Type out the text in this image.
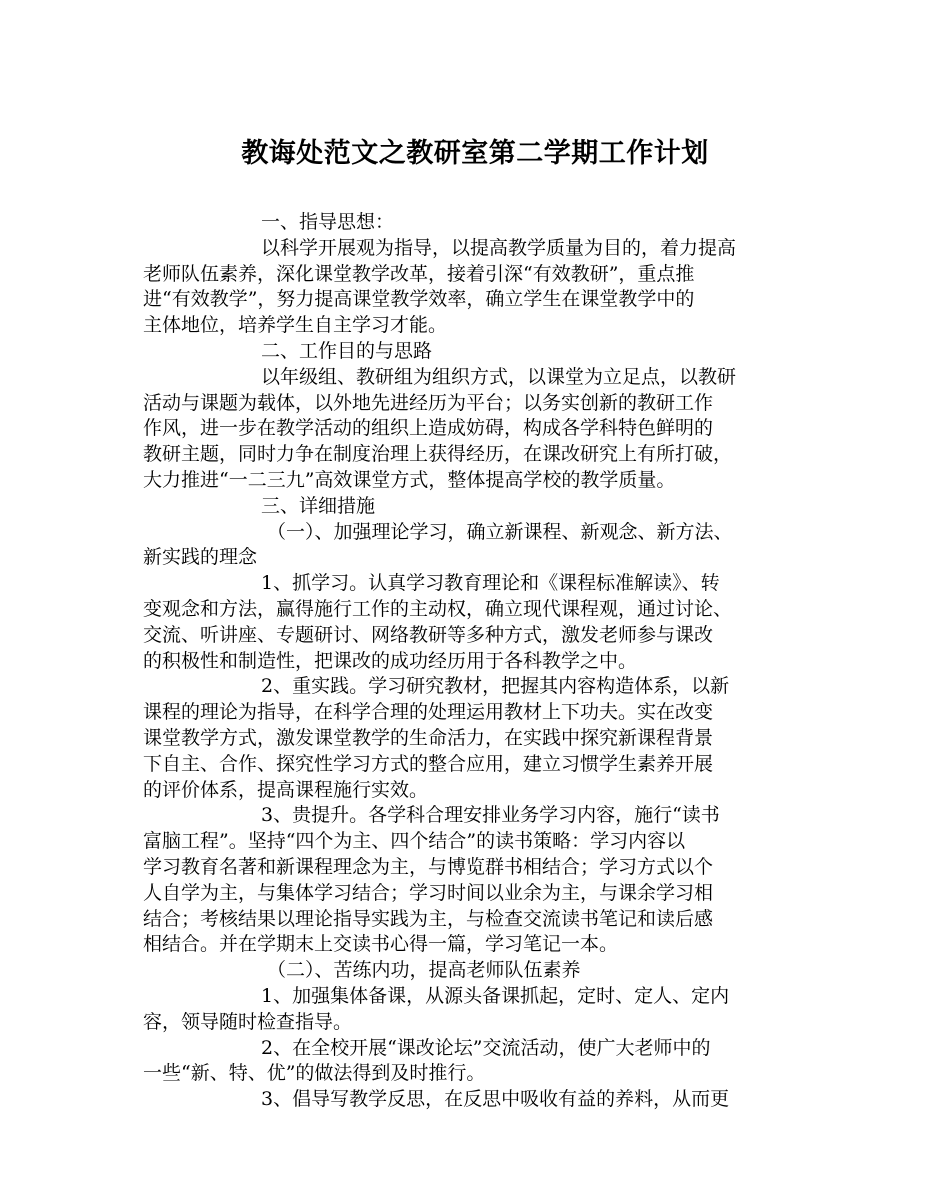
教诲处范文之教研室第二学期工作计划
一、指导思想：
以科学开展观为指导，以提高教学质量为目的，着力提高
老师队伍素养，深化课堂教学改革，接着引深“有效教研”，重点推
进“有效教学”，努力提高课堂教学效率，确立学生在课堂教学中的
主体地位，培养学生自主学习才能。
二、工作目的与思路
以年级组、教研组为组织方式，以课堂为立足点，以教研
活动与课题为载体，以外地先进经历为平台；以务实创新的教研工作
作风，进一步在教学活动的组织上造成妨碍，构成各学科特色鲜明的
教研主题，同时力争在制度治理上获得经历，在课改研究上有所打破，
大力推进“一二三九”高效课堂方式，整体提高学校的教学质量。
三、详细措施
（一）、加强理论学习，确立新课程、新观念、新方法、
新实践的理念
1、抓学习。认真学习教育理论和《课程标准解读》、转
变观念和方法，赢得施行工作的主动权，确立现代课程观，通过讨论、
交流、听讲座、专题研讨、网络教研等多种方式，激发老师参与课改
的积极性和制造性，把课改的成功经历用于各科教学之中。
2、重实践。学习研究教材，把握其内容构造体系，以新
课程的理论为指导，在科学合理的处理运用教材上下功夫。实在改变
课堂教学方式，激发课堂教学的生命活力，在实践中探究新课程背景
下自主、合作、探究性学习方式的整合应用，建立习惯学生素养开展
的评价体系，提高课程施行实效。
3、贵提升。各学科合理安排业务学习内容，施行“读书
富脑工程”。坚持“四个为主、四个结合”的读书策略：学习内容以
学习教育名著和新课程理念为主，与博览群书相结合；学习方式以个
人自学为主，与集体学习结合；学习时间以业余为主，与课余学习相
结合；考核结果以理论指导实践为主，与检查交流读书笔记和读后感
相结合。并在学期末上交读书心得一篇，学习笔记一本。
（二）、苦练内功，提高老师队伍素养
1、加强集体备课，从源头备课抓起，定时、定人、定内
容，领导随时检查指导。
2、在全校开展“课改论坛”交流活动，使广大老师中的
一些“新、特、优”的做法得到及时推行。
3、倡导写教学反思，在反思中吸收有益的养料，从而更
